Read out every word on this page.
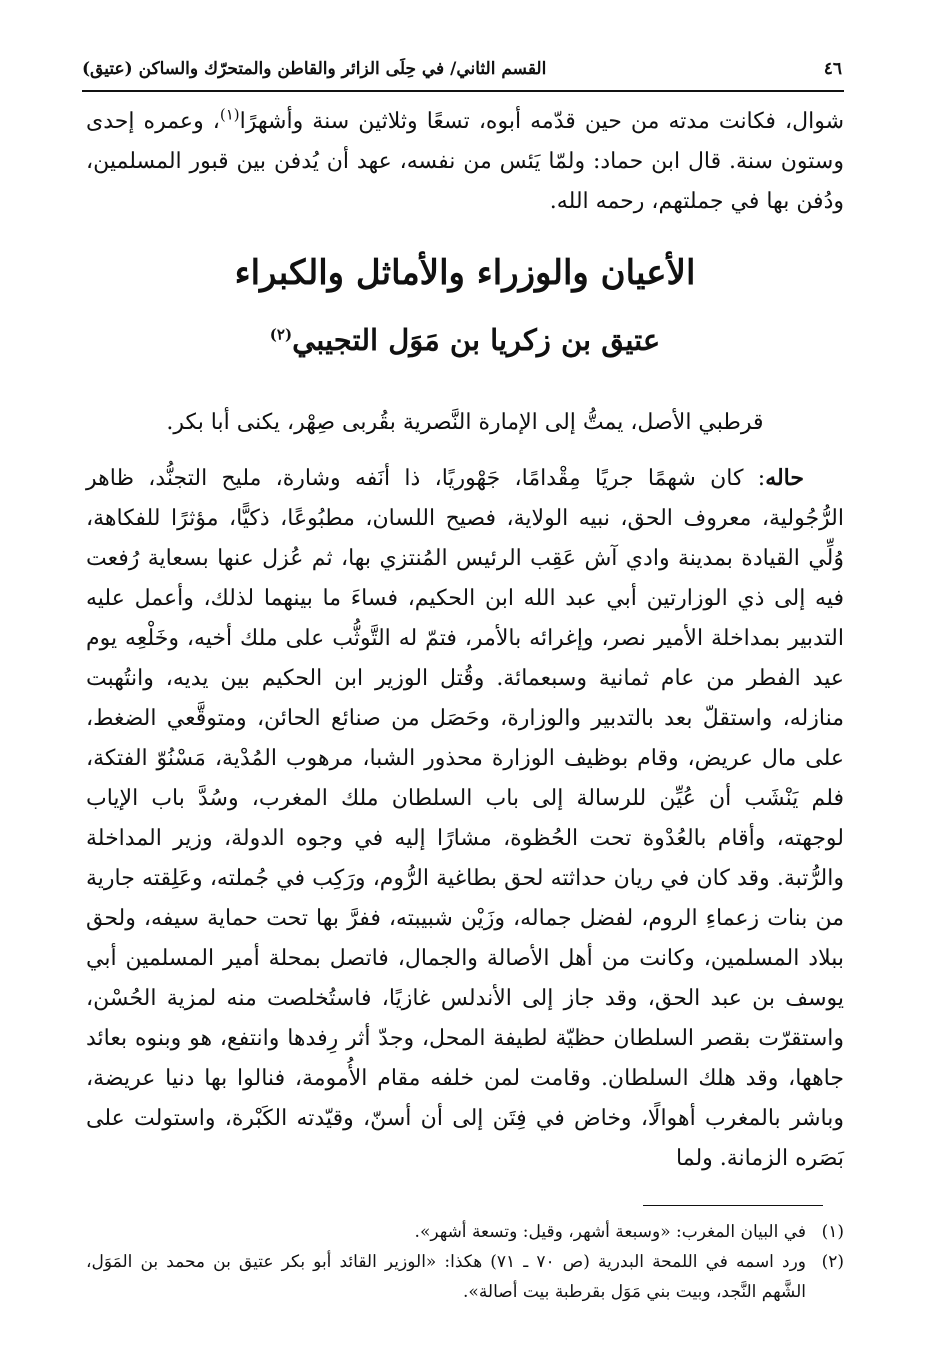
٤٦
القسم الثاني/ في حِلَى الزائر والقاطن والمتحرّك والساكن (عتيق)
شوال، فكانت مدته من حين قدّمه أبوه، تسعًا وثلاثين سنة وأشهرًا$^{(١)}$، وعمره إحدى وستون سنة. قال ابن حماد: ولمّا يَئس من نفسه، عهد أن يُدفن بين قبور المسلمين، ودُفن بها في جملتهم، رحمه الله.
الأعيان والوزراء والأماثل والكبراء
عتيق بن زكريا بن مَوَل التجيبي$^{(٢)}$
قرطبي الأصل، يمتُّ إلى الإمارة النَّصرية بقُربى صِهْر، يكنى أبا بكر.
حاله: كان شهمًا جريًا مِقْدامًا، جَهْوريًا، ذا أنَفه وشارة، مليح التجنُّد، ظاهر الرُّجُولية، معروف الحق، نبيه الولاية، فصيح اللسان، مطبُوعًا، ذكيًّا، مؤثرًا للفكاهة، وُلِّي القيادة بمدينة وادي آش عَقِب الرئيس المُنتزي بها، ثم عُزل عنها بسعاية رُفعت فيه إلى ذي الوزارتين أبي عبد الله ابن الحكيم، فساءَ ما بينهما لذلك، وأعمل عليه التدبير بمداخلة الأمير نصر، وإغرائه بالأمر، فتمّ له التَّوثُّب على ملك أخيه، وخَلْعِه يوم عيد الفطر من عام ثمانية وسبعمائة. وقُتل الوزير ابن الحكيم بين يديه، وانتُهبت منازله، واستقلّ بعد بالتدبير والوزارة، وحَصَل من صنائع الحائن، ومتوقَّعي الضغط، على مال عريض، وقام بوظيف الوزارة محذور الشبا، مرهوب المُدْية، مَسْنُوّ الفتكة، فلم يَنْشَب أن عُيِّن للرسالة إلى باب السلطان ملك المغرب، وسُدَّ باب الإياب لوجهته، وأقام بالعُدْوة تحت الحُظوة، مشارًا إليه في وجوه الدولة، وزير المداخلة والرُّتبة. وقد كان في ريان حداثته لحق بطاغية الرُّوم، ورَكِب في جُملته، وعَلِقته جارية من بنات زعماءِ الروم، لفضل جماله، وزَيْن شبيبته، ففرَّ بها تحت حماية سيفه، ولحق ببلاد المسلمين، وكانت من أهل الأصالة والجمال، فاتصل بمحلة أمير المسلمين أبي يوسف بن عبد الحق، وقد جاز إلى الأندلس غازيًا، فاستُخلصت منه لمزية الحُسْن، واستقرّت بقصر السلطان حظيّة لطيفة المحل، وجدّ أثر رِفدها وانتفع، هو وبنوه بعائد جاهها، وقد هلك السلطان. وقامت لمن خلفه مقام الأُمومة، فنالوا بها دنيا عريضة، وباشر بالمغرب أهوالًا، وخاض في فِتَن إلى أن أسنّ، وقيّدته الكَبْرة، واستولت على بَصَره الزمانة. ولما
(١)
في البيان المغرب: «وسبعة أشهر، وقيل: وتسعة أشهر».
(٢)
ورد اسمه في اللمحة البدرية (ص ٧٠ ـ ٧١) هكذا: «الوزير القائد أبو بكر عتيق بن محمد بن المَوَل، الشَّهم النَّجد، وبيت بني مَوَل بقرطبة بيت أصالة».
